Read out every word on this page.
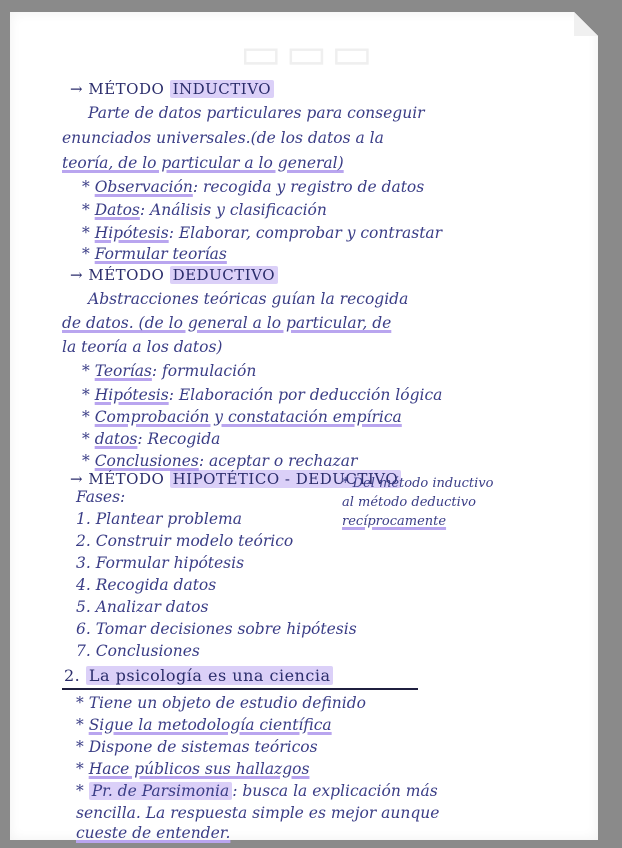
▭▭▭
→ MÉTODO INDUCTIVO
Parte de datos particulares para conseguir
enunciados universales.(de los datos a la
teoría, de lo particular a lo general)
* Observación: recogida y registro de datos
* Datos: Análisis y clasificación
* Hipótesis: Elaborar, comprobar y contrastar
* Formular teorías
→ MÉTODO DEDUCTIVO
Abstracciones teóricas guían la recogida
de datos. (de lo general a lo particular, de
la teoría a los datos)
* Teorías: formulación
* Hipótesis: Elaboración por deducción lógica
* Comprobación y constatación empírica
* datos: Recogida
* Conclusiones: aceptar o rechazar
→ MÉTODO HIPOTÉTICO - DEDUCTIVO
Fases:
* Del método inductivo
al método deductivo
recíprocamente
1. Plantear problema
2. Construir modelo teórico
3. Formular hipótesis
4. Recogida datos
5. Analizar datos
6. Tomar decisiones sobre hipótesis
7. Conclusiones
2. La psicología es una ciencia
* Tiene un objeto de estudio definido
* Sigue la metodología científica
* Dispone de sistemas teóricos
* Hace públicos sus hallazgos
* Pr. de Parsimonia : busca la explicación más
sencilla. La respuesta simple es mejor aunque
cueste de entender.
